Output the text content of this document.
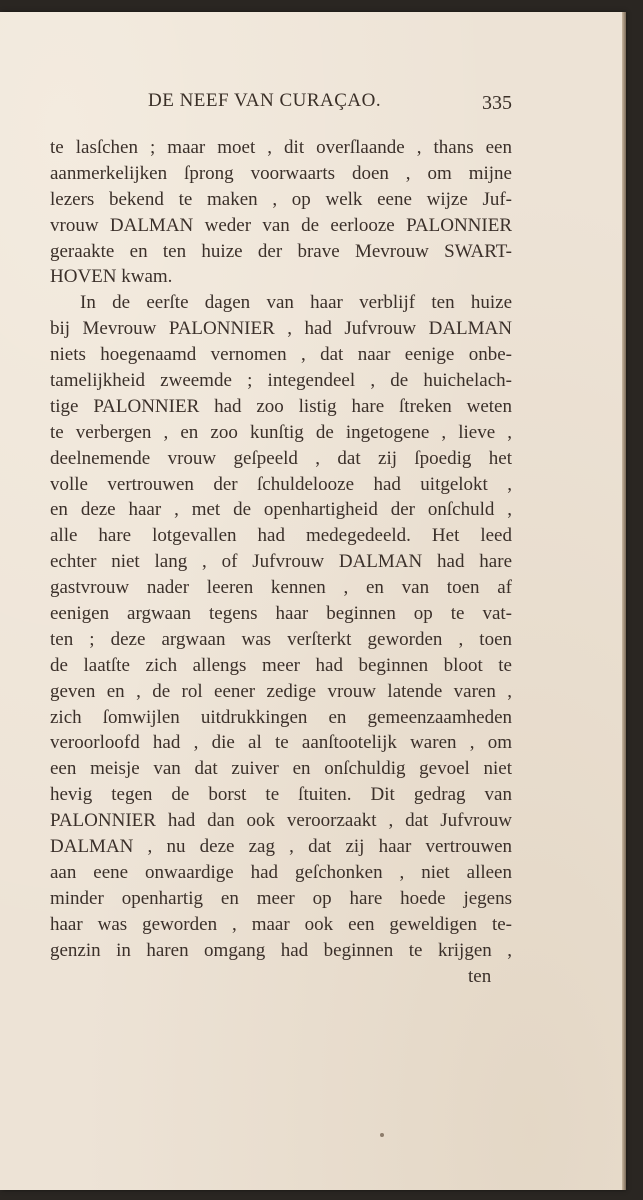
DE NEEF VAN CURAÇAO.	335
te lasſchen ; maar moet , dit overſlaande , thans een
aanmerkelijken ſprong voorwaarts doen , om mijne
lezers bekend te maken , op welk eene wijze Juf-
vrouw DALMAN weder van de eerlooze PALONNIER
geraakte en ten huize der brave Mevrouw SWART-
HOVEN kwam.
In de eerſte dagen van haar verblijf ten huize
bij Mevrouw PALONNIER , had Jufvrouw DALMAN
niets hoegenaamd vernomen , dat naar eenige onbe-
tamelijkheid zweemde ; integendeel , de huichelach-
tige PALONNIER had zoo listig hare ſtreken weten
te verbergen , en zoo kunſtig de ingetogene , lieve ,
deelnemende vrouw geſpeeld , dat zij ſpoedig het
volle vertrouwen der ſchuldelooze had uitgelokt ,
en deze haar , met de openhartigheid der onſchuld ,
alle hare lotgevallen had medegedeeld. Het leed
echter niet lang , of Jufvrouw DALMAN had hare
gastvrouw nader leeren kennen , en van toen af
eenigen argwaan tegens haar beginnen op te vat-
ten ; deze argwaan was verſterkt geworden , toen
de laatſte zich allengs meer had beginnen bloot te
geven en , de rol eener zedige vrouw latende varen ,
zich ſomwijlen uitdrukkingen en gemeenzaamheden
veroorloofd had , die al te aanſtootelijk waren , om
een meisje van dat zuiver en onſchuldig gevoel niet
hevig tegen de borst te ſtuiten. Dit gedrag van
PALONNIER had dan ook veroorzaakt , dat Jufvrouw
DALMAN , nu deze zag , dat zij haar vertrouwen
aan eene onwaardige had geſchonken , niet alleen
minder openhartig en meer op hare hoede jegens
haar was geworden , maar ook een geweldigen te-
genzin in haren omgang had beginnen te krijgen ,
ten
